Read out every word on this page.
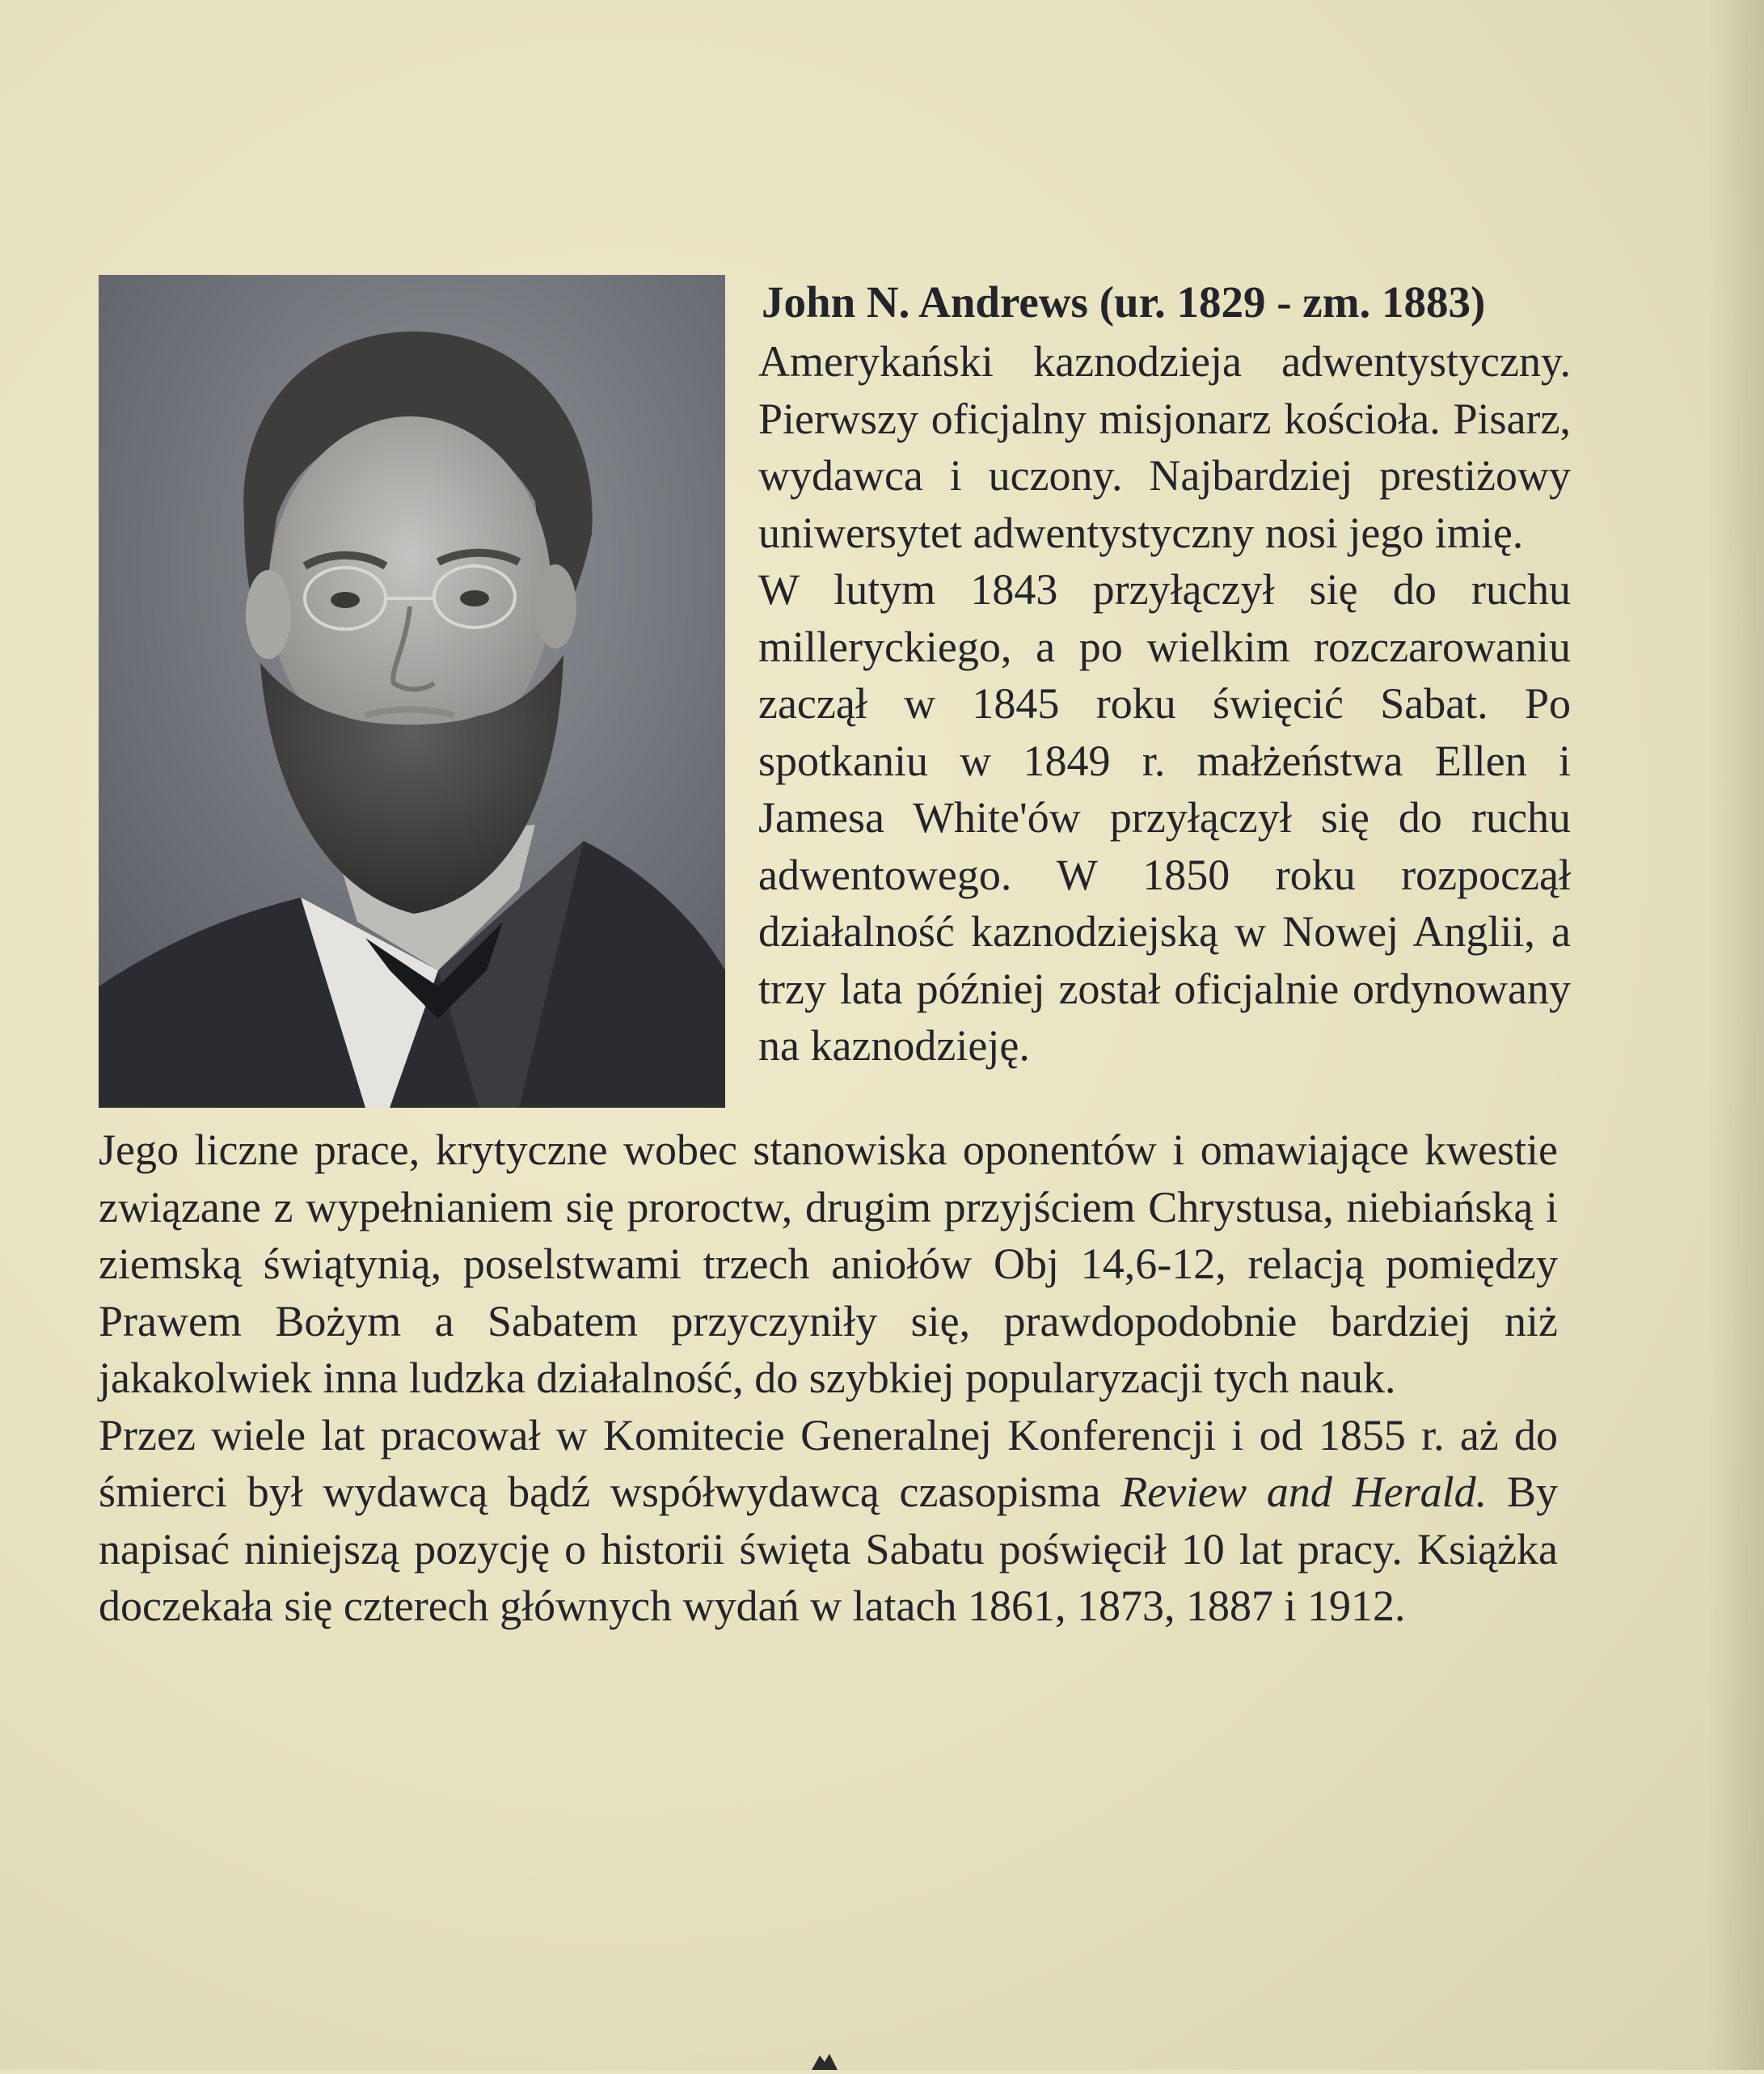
John N. Andrews (ur. 1829 - zm. 1883)

Amerykański kaznodzieja adwentystyczny. Pierwszy oficjalny misjonarz kościoła. Pisarz, wydawca i uczony. Najbardziej prestiżowy uniwersytet adwentystyczny nosi jego imię.

W lutym 1843 przyłączył się do ruchu milleryckiego, a po wielkim rozczarowaniu zaczął w 1845 roku święcić Sabat. Po spotkaniu w 1849 r. małżeństwa Ellen i Jamesa White'ów przyłączył się do ruchu adwentowego. W 1850 roku rozpoczął działalność kaznodziejską w Nowej Anglii, a trzy lata później został oficjalnie ordynowany na kaznodzieję.

Jego liczne prace, krytyczne wobec stanowiska oponentów i omawiające kwestie związane z wypełnianiem się proroctw, drugim przyjściem Chrystusa, niebiańską i ziemską świątynią, poselstwami trzech aniołów Obj 14,6-12, relacją pomiędzy Prawem Bożym a Sabatem przyczyniły się, prawdopodobnie bardziej niż jakakolwiek inna ludzka działalność, do szybkiej popularyzacji tych nauk.

Przez wiele lat pracował w Komitecie Generalnej Konferencji i od 1855 r. aż do śmierci był wydawcą bądź współwydawcą czasopisma Review and Herald. By napisać niniejszą pozycję o historii święta Sabatu poświęcił 10 lat pracy. Książka doczekała się czterech głównych wydań w latach 1861, 1873, 1887 i 1912.
